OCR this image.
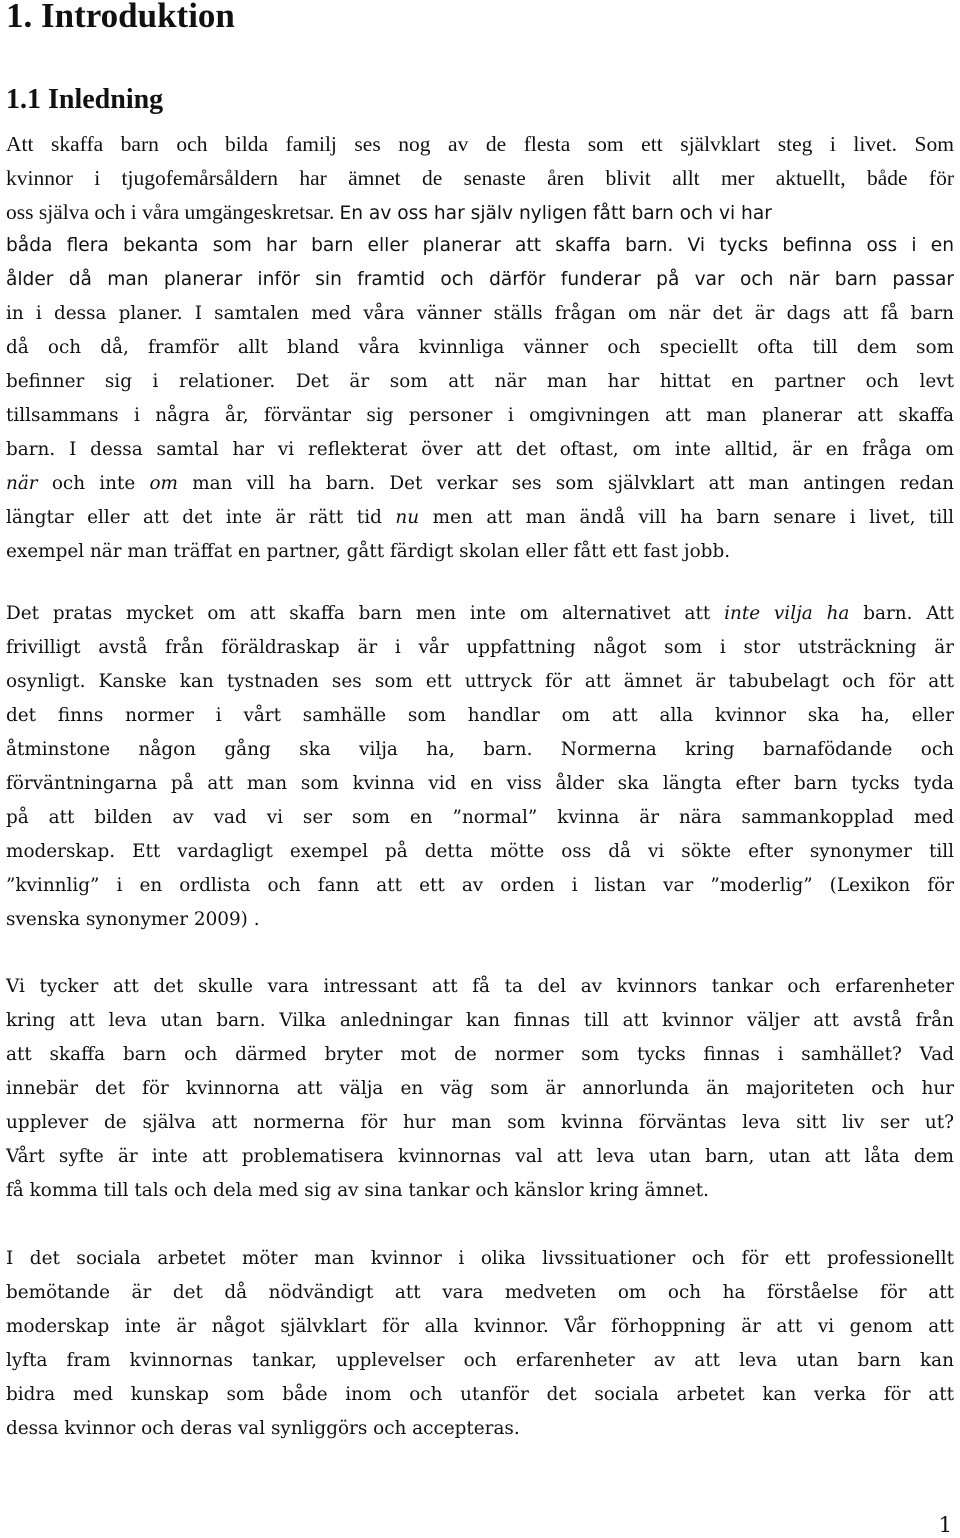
1. Introduktion
1.1 Inledning

Att skaffa barn och bilda familj ses nog av de flesta som ett självklart steg i livet. Som

kvinnor i tjugofemårsåldern har ämnet de senaste åren blivit allt mer aktuellt, både för

oss själva och i våra umgängeskretsar. En av oss har själv nyligen fått barn och vi har

båda flera bekanta som har barn eller planerar att skaffa barn. Vi tycks befinna oss i en

ålder då man planerar inför sin framtid och därför funderar på var och när barn passar

in i dessa planer. I samtalen med våra vänner ställs frågan om när det är dags att få barn

då och då, framför allt bland våra kvinnliga vänner och speciellt ofta till dem som

befinner sig i relationer. Det är som att när man har hittat en partner och levt

tillsammans i några år, förväntar sig personer i omgivningen att man planerar att skaffa

barn. I dessa samtal har vi reflekterat över att det oftast, om inte alltid, är en fråga om

när och inte om man vill ha barn. Det verkar ses som självklart att man antingen redan

längtar eller att det inte är rätt tid nu men att man ändå vill ha barn senare i livet, till

exempel när man träffat en partner, gått färdigt skolan eller fått ett fast jobb.

Det pratas mycket om att skaffa barn men inte om alternativet att inte vilja ha barn. Att

frivilligt avstå från föräldraskap är i vår uppfattning något som i stor utsträckning är

osynligt. Kanske kan tystnaden ses som ett uttryck för att ämnet är tabubelagt och för att

det finns normer i vårt samhälle som handlar om att alla kvinnor ska ha, eller

åtminstone någon gång ska vilja ha, barn. Normerna kring barnafödande och

förväntningarna på att man som kvinna vid en viss ålder ska längta efter barn tycks tyda

på att bilden av vad vi ser som en ”normal” kvinna är nära sammankopplad med

moderskap. Ett vardagligt exempel på detta mötte oss då vi sökte efter synonymer till

”kvinnlig” i en ordlista och fann att ett av orden i listan var ”moderlig” (Lexikon för

svenska synonymer 2009) .

Vi tycker att det skulle vara intressant att få ta del av kvinnors tankar och erfarenheter

kring att leva utan barn. Vilka anledningar kan finnas till att kvinnor väljer att avstå från

att skaffa barn och därmed bryter mot de normer som tycks finnas i samhället? Vad

innebär det för kvinnorna att välja en väg som är annorlunda än majoriteten och hur

upplever de själva att normerna för hur man som kvinna förväntas leva sitt liv ser ut?

Vårt syfte är inte att problematisera kvinnornas val att leva utan barn, utan att låta dem

få komma till tals och dela med sig av sina tankar och känslor kring ämnet.

I det sociala arbetet möter man kvinnor i olika livssituationer och för ett professionellt

bemötande är det då nödvändigt att vara medveten om och ha förståelse för att

moderskap inte är något självklart för alla kvinnor. Vår förhoppning är att vi genom att

lyfta fram kvinnornas tankar, upplevelser och erfarenheter av att leva utan barn kan

bidra med kunskap som både inom och utanför det sociala arbetet kan verka för att

dessa kvinnor och deras val synliggörs och accepteras.

1
